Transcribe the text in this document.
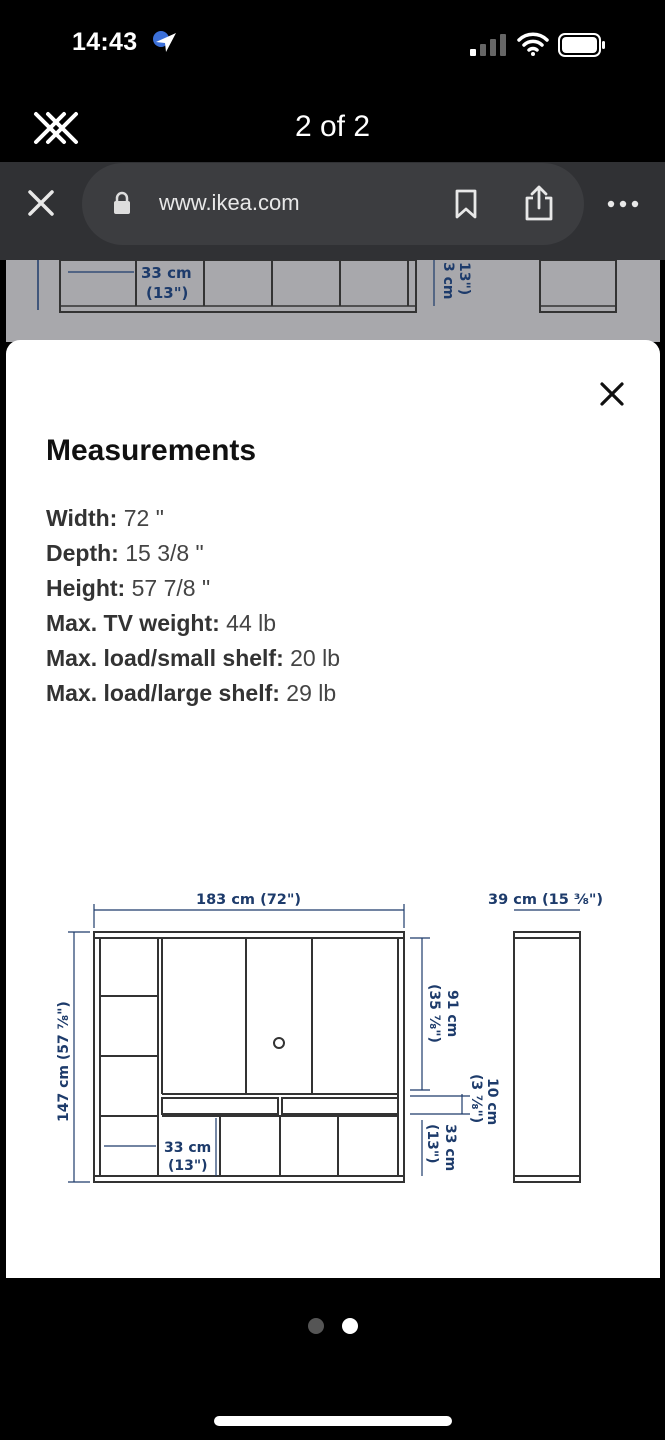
14:43
2 of 2
www.ikea.com
33 cm
(13")	3 cm 13")
Measurements
Width: 72 "
Depth: 15 3/8 "
Height: 57 7/8 "
Max. TV weight: 44 lb
Max. load/small shelf: 20 lb
Max. load/large shelf: 29 lb
183 cm (72")	39 cm (15 ⅜")
147 cm (57 ⅞")	91 cm
(35 ⅞")
10 cm
(3 ⅞")
33 cm
(13")
33 cm
(13")
